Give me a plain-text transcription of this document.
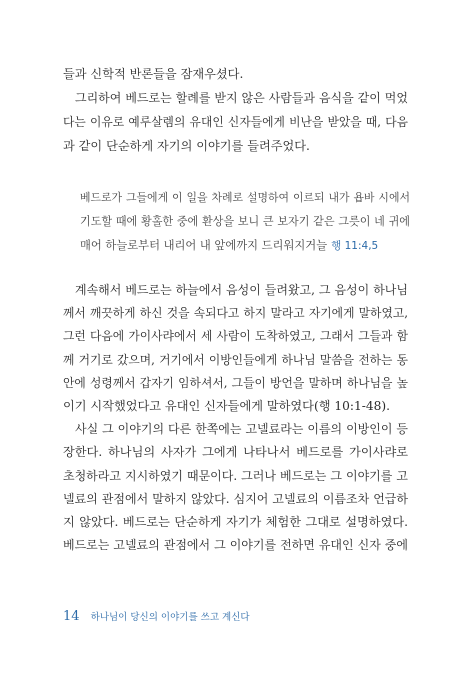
들과 신학적 반론들을 잠재우셨다.
그리하여 베드로는 할례를 받지 않은 사람들과 음식을 같이 먹었
다는 이유로 예루살렘의 유대인 신자들에게 비난을 받았을 때, 다음
과 같이 단순하게 자기의 이야기를 들려주었다.
베드로가 그들에게 이 일을 차례로 설명하여 이르되 내가 욥바 시에서
기도할 때에 황홀한 중에 환상을 보니 큰 보자기 같은 그릇이 네 귀에
매어 하늘로부터 내리어 내 앞에까지 드리워지거늘 행 11:4,5
계속해서 베드로는 하늘에서 음성이 들려왔고, 그 음성이 하나님
께서 깨끗하게 하신 것을 속되다고 하지 말라고 자기에게 말하였고,
그런 다음에 가이사랴에서 세 사람이 도착하였고, 그래서 그들과 함
께 거기로 갔으며, 거기에서 이방인들에게 하나님 말씀을 전하는 동
안에 성령께서 갑자기 임하셔서, 그들이 방언을 말하며 하나님을 높
이기 시작했었다고 유대인 신자들에게 말하였다(행 10:1-48).
사실 그 이야기의 다른 한쪽에는 고넬료라는 이름의 이방인이 등
장한다. 하나님의 사자가 그에게 나타나서 베드로를 가이사랴로
초청하라고 지시하였기 때문이다. 그러나 베드로는 그 이야기를 고
넬료의 관점에서 말하지 않았다. 심지어 고넬료의 이름조차 언급하
지 않았다. 베드로는 단순하게 자기가 체험한 그대로 설명하였다.
베드로는 고넬료의 관점에서 그 이야기를 전하면 유대인 신자 중에
14 하나님이 당신의 이야기를 쓰고 계신다
